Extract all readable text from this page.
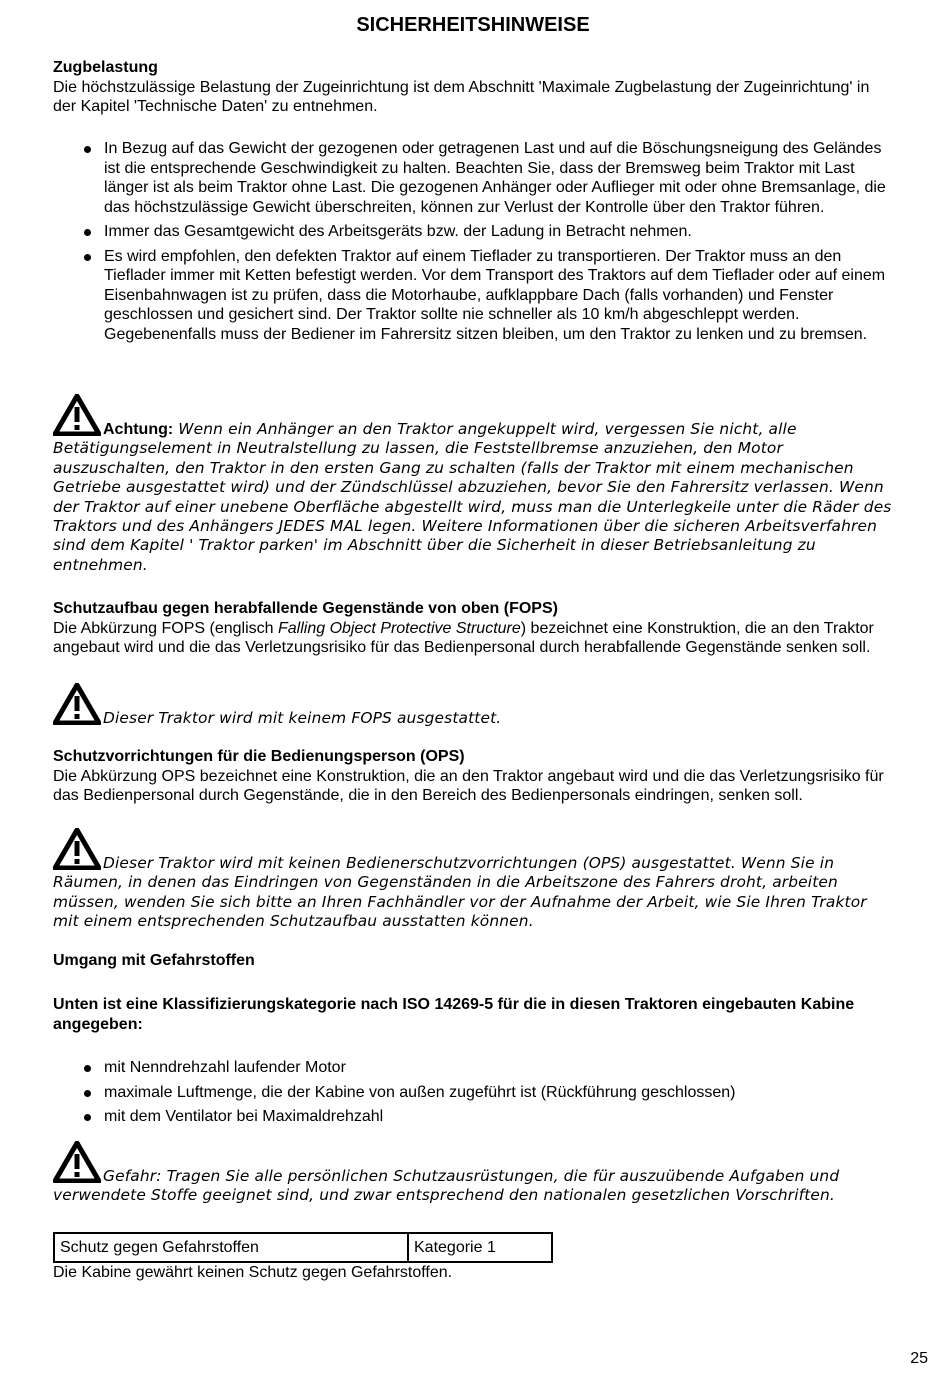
SICHERHEITSHINWEISE

Zugbelastung

Die höchstzulässige Belastung der Zugeinrichtung ist dem Abschnitt 'Maximale Zugbelastung der Zugeinrichtung' in der Kapitel 'Technische Daten' zu entnehmen.

In Bezug auf das Gewicht der gezogenen oder getragenen Last und auf die Böschungsneigung des Geländes ist die entsprechende Geschwindigkeit zu halten. Beachten Sie, dass der Bremsweg beim Traktor mit Last länger ist als beim Traktor ohne Last. Die gezogenen Anhänger oder Auflieger mit oder ohne Bremsanlage, die das höchstzulässige Gewicht überschreiten, können zur Verlust der Kontrolle über den Traktor führen.
Immer das Gesamtgewicht des Arbeitsgeräts bzw. der Ladung in Betracht nehmen.
Es wird empfohlen, den defekten Traktor auf einem Tieflader zu transportieren. Der Traktor muss an den Tieflader immer mit Ketten befestigt werden. Vor dem Transport des Traktors auf dem Tieflader oder auf einem Eisenbahnwagen ist zu prüfen, dass die Motorhaube, aufklappbare Dach (falls vorhanden) und Fenster geschlossen und gesichert sind. Der Traktor sollte nie schneller als 10 km/h abgeschleppt werden. Gegebenenfalls muss der Bediener im Fahrersitz sitzen bleiben, um den Traktor zu lenken und zu bremsen.

Achtung: Wenn ein Anhänger an den Traktor angekuppelt wird, vergessen Sie nicht, alle Betätigungselement in Neutralstellung zu lassen, die Feststellbremse anzuziehen, den Motor auszuschalten, den Traktor in den ersten Gang zu schalten (falls der Traktor mit einem mechanischen Getriebe ausgestattet wird) und der Zündschlüssel abzuziehen, bevor Sie den Fahrersitz verlassen. Wenn der Traktor auf einer unebene Oberfläche abgestellt wird, muss man die Unterlegkeile unter die Räder des Traktors und des Anhängers JEDES MAL legen. Weitere Informationen über die sicheren Arbeitsverfahren sind dem Kapitel ' Traktor parken' im Abschnitt über die Sicherheit in dieser Betriebsanleitung zu entnehmen.

Schutzaufbau gegen herabfallende Gegenstände von oben (FOPS)

Die Abkürzung FOPS (englisch Falling Object Protective Structure) bezeichnet eine Konstruktion, die an den Traktor angebaut wird und die das Verletzungsrisiko für das Bedienpersonal durch herabfallende Gegenstände senken soll.

Dieser Traktor wird mit keinem FOPS ausgestattet.

Schutzvorrichtungen für die Bedienungsperson (OPS)

Die Abkürzung OPS bezeichnet eine Konstruktion, die an den Traktor angebaut wird und die das Verletzungsrisiko für das Bedienpersonal durch Gegenstände, die in den Bereich des Bedienpersonals eindringen, senken soll.

Dieser Traktor wird mit keinen Bedienerschutzvorrichtungen (OPS) ausgestattet. Wenn Sie in Räumen, in denen das Eindringen von Gegenständen in die Arbeitszone des Fahrers droht, arbeiten müssen, wenden Sie sich bitte an Ihren Fachhändler vor der Aufnahme der Arbeit, wie Sie Ihren Traktor mit einem entsprechenden Schutzaufbau ausstatten können.

Umgang mit Gefahrstoffen

Unten ist eine Klassifizierungskategorie nach ISO 14269-5 für die in diesen Traktoren eingebauten Kabine angegeben:

mit Nenndrehzahl laufender Motor
maximale Luftmenge, die der Kabine von außen zugeführt ist (Rückführung geschlossen)
mit dem Ventilator bei Maximaldrehzahl

Gefahr: Tragen Sie alle persönlichen Schutzausrüstungen, die für auszuübende Aufgaben und verwendete Stoffe geeignet sind, und zwar entsprechend den nationalen gesetzlichen Vorschriften.

Schutz gegen Gefahrstoffen	Kategorie 1

Die Kabine gewährt keinen Schutz gegen Gefahrstoffen.

25
